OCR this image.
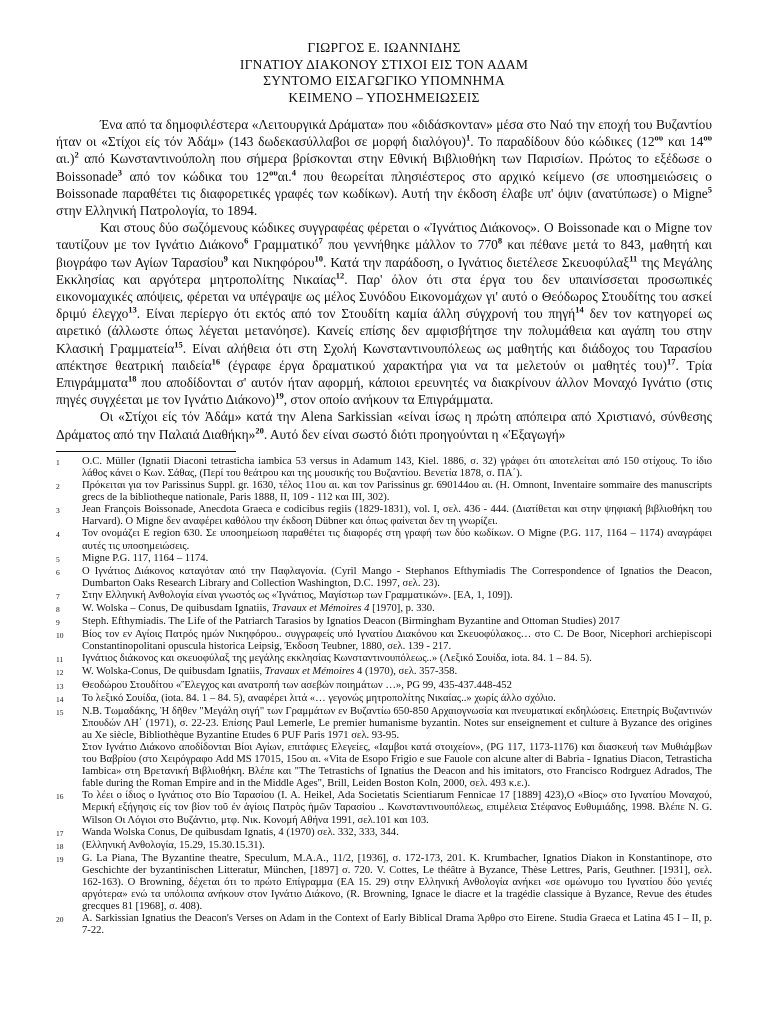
ΓΙΩΡΓΟΣ Ε. ΙΩΑΝΝΙΔΗΣ
ΙΓΝΑΤΙΟΥ ΔΙΑΚΟΝΟΥ ΣΤΙΧΟΙ ΕΙΣ ΤΟΝ ΑΔΑΜ
ΣΥΝΤΟΜΟ ΕΙΣΑΓΩΓΙΚΟ ΥΠΟΜΝΗΜΑ
ΚΕΙΜΕΝΟ – ΥΠΟΣΗΜΕΙΩΣΕΙΣ

Ένα από τα δημοφιλέστερα «Λειτουργικά Δράματα» που «διδάσκονταν» μέσα στο Ναό την εποχή του Βυζαντίου ήταν οι «Στίχοι είς τόν Ἀδάμ» (143 δωδεκασύλλαβοι σε μορφή διαλόγου)$^1$. Το παραδίδουν δύο κώδικες ($12^{o\upsilon}$ και $14^{o\upsilon}$ αι.)$^2$ από Κωνσταντινούπολη που σήμερα βρίσκονται στην Εθνική Βιβλιοθήκη των Παρισίων. Πρώτος το εξέδωσε ο Boissonade$^3$ από τον κώδικα του $12^{o\upsilon}\alpha\iota.^4$ που θεωρείται πλησιέστερος στο αρχικό κείμενο (σε υποσημειώσεις ο Boissonade παραθέτει τις διαφορετικές γραφές των κωδίκων). Αυτή την έκδοση έλαβε υπ' όψιν (ανατύπωσε) ο Migne$^5$ στην Ελληνική Πατρολογία, το 1894.

Και στους δύο σωζόμενους κώδικες συγγραφέας φέρεται ο «Ἰγνάτιος Διάκονος». Ο Boissonade και ο Migne τον ταυτίζουν με τον Ιγνάτιο Διάκονο$^6$ Γραμματικό$^7$ που γεννήθηκε μάλλον το $770^8$ και πέθανε μετά το 843, μαθητή και βιογράφο των Αγίων Ταρασίου$^9$ και Νικηφόρου$^{10}$. Κατά την παράδοση, ο Ιγνάτιος διετέλεσε Σκευοφύλαξ$^{11}$ της Μεγάλης Εκκλησίας και αργότερα μητροπολίτης Νικαίας$^{12}$. Παρ' όλον ότι στα έργα του δεν υπαινίσσεται προσωπικές εικονομαχικές απόψεις, φέρεται να υπέγραψε ως μέλος Συνόδου Εικονομάχων γι' αυτό ο Θεόδωρος Στουδίτης του ασκεί δριμύ έλεγχο$^{13}$. Είναι περίεργο ότι εκτός από τον Στουδίτη καμία άλλη σύγχρονή του πηγή$^{14}$ δεν τον κατηγορεί ως αιρετικό (άλλωστε όπως λέγεται μετανόησε). Κανείς επίσης δεν αμφισβήτησε την πολυμάθεια και αγάπη του στην Κλασική Γραμματεία$^{15}$. Είναι αλήθεια ότι στη Σχολή Κωνσταντινουπόλεως ως μαθητής και διάδοχος του Ταρασίου απέκτησε θεατρική παιδεία$^{16}$ (έγραφε έργα δραματικού χαρακτήρα για να τα μελετούν οι μαθητές του)$^{17}$. Τρία Επιγράμματα$^{18}$ που αποδίδονται σ' αυτόν ήταν αφορμή, κάποιοι ερευνητές να διακρίνουν άλλον Μοναχό Ιγνάτιο (στις πηγές συγχέεται με τον Ιγνάτιο Διάκονο)$^{19}$, στον οποίο ανήκουν τα Επιγράμματα.

Οι «Στίχοι είς τόν Ἀδάμ» κατά την Alena Sarkissian «είναι ίσως η πρώτη απόπειρα από Χριστιανό, σύνθεσης Δράματος από την Παλαιά Διαθήκη»$^{20}$. Αυτό δεν είναι σωστό διότι προηγούνται η «Ἐξαγωγή»

1	O.C. Müller (Ignatii Diaconi tetrasticha iambica 53 versus in Adamum 143, Kiel. 1886, σ. 32) γράφει ότι αποτελείται από 150 στίχους. Το ίδιο λάθος κάνει ο Κων. Σάθας, (Περί του θεάτρου και της μουσικής του Βυζαντίου. Βενετία 1878, σ. ΠΑ΄).
2	Πρόκειται για τον Parissinus Suppl. gr. 1630, τέλος 11ου αι. και τον Parissinus gr. 690144ου αι. (H. Omnont, Inventaire sommaire des manuscripts grecs de la bibliotheque nationale, Paris 1888, II, 109 - 112 και III, 302).
3	Jean François Boissonade, Anecdota Graeca e codicibus regiis (1829-1831), vol. I, σελ. 436 - 444. (Διατίθεται και στην ψηφιακή βιβλιοθήκη του Harvard). O Migne δεν αναφέρει καθόλου την έκδοση Dübner και όπως φαίνεται δεν τη γνωρίζει.
4	Τον ονομάζει E region 630. Σε υποσημείωση παραθέτει τις διαφορές στη γραφή των δύο κωδίκων. O Migne (P.G. 117, 1164 – 1174) αναγράφει αυτές τις υποσημειώσεις.
5	Migne P.G. 117, 1164 – 1174.
6	Ο Ιγνάτιος Διάκονος καταγόταν από την Παφλαγονία. (Cyril Mango - Stephanos Efthymiadis The Correspondence of Ignatios the Deacon, Dumbarton Oaks Research Library and Collection Washington, D.C. 1997, σελ. 23).
7	Στην Ελληνική Ανθολογία είναι γνωστός ως «Ἰγνάτιος, Μαγίστωρ των Γραμματικών». [ΕΑ, 1, 109]).
8	W. Wolska – Conus, De quibusdam Ignatiis, Travaux et Mémoires 4 [1970], p. 330.
9	Steph. Efthymiadis. The Life of the Patriarch Tarasios by Ignatios Deacon (Birmingham Byzantine and Ottoman Studies) 2017
10	Βίος τον εν Αγίοις Πατρός ημών Νικηφόρου.. συγγραφείς υπό Ιγνατίου Διακόνου και Σκευοφύλακος… στο C. De Boor, Nicephori archiepiscopi Constantinopolitani opuscula historica Leipsig, Έκδοση Teubner, 1880, σελ. 139 - 217.
11	Ιγνάτιος διάκονος και σκευοφύλαξ της μεγάλης εκκλησίας Κωνσταντινουπόλεως..» (Λεξικό Σουίδα, iota. 84. 1 – 84. 5).
12	W. Wolska-Conus, De quibusdam Ignatiis, Travaux et Mémoires 4 (1970), σελ. 357-358.
13	Θεοδώρου Στουδίτου «Ἔλεγχος και ανατροπή των ασεβών ποιημάτων …», PG 99, 435-437.448-452
14	Το λεξικό Σουίδα, (iota. 84. 1 – 84. 5), αναφέρει λιτά «… γεγονώς μητροπολίτης Νικαίας..» χωρίς άλλο σχόλιο.
15	Ν.Β. Τωμαδάκης, Ἡ δῆθεν "Μεγάλη σιγή" των Γραμμάτων εν Βυζαντίω 650-850 Αρχαιογνωσία και πνευματικαί εκδηλώσεις. Επετηρίς Βυζαντινών Σπουδών ΛΗ΄ (1971), σ. 22-23. Επίσης Paul Lemerle, Le premier humanisme byzantin. Notes sur enseignement et culture à Byzance des origines au Xe siècle, Bibliothèque Byzantine Etudes 6 PUF Paris 1971 σελ. 93-95.
Στον Ιγνάτιο Διάκονο αποδίδονται Βίοι Αγίων, επιτάφιες Ελεγείες, «Ιαμβοι κατά στοιχείον», (PG 117, 1173-1176) και διασκευή των Μυθιάμβων του Βαβρίου (στο Χειρόγραφο Add MS 17015, 15ου αι. «Vita de Esopo Frigio e sue Fauole con alcune alter di Babria - Ignatius Diacon, Tetrasticha Iambica» στη Βρετανική Βιβλιοθήκη. Βλέπε και "The Tetrastichs of Ignatius the Deacon and his imitators, στο Francisco Rodrguez Adrados, The fable during the Roman Empire and in the Middle Ages", Brill, Leiden Boston Koln, 2000, σελ. 493 κ.ε.).
16	Το λέει ο ίδιος ο Ιγνάτιος στο Βίο Ταρασίου (I. A. Heikel, Ada Societatis Scientiarum Fennicae 17 [1889] 423),O «Βίος» στο Ιγνατίου Μοναχού, Μερική εξήγησις είς τον βίον τοῦ ἐν ἁγίοις Πατρὸς ἡμῶν Ταρασίου .. Κωνσταντινουπόλεως, επιμέλεια Στέφανος Ευθυμιάδης, 1998. Βλέπε N. G. Wilson Οι Λόγιοι στο Βυζάντιο, μτφ. Νικ. Κονομή Αθήνα 1991, σελ.101 και 103.
17	Wanda Wolska Conus, De quibusdam Ignatis, 4 (1970) σελ. 332, 333, 344.
18	(Ελληνική Ανθολογία, 15.29, 15.30.15.31).
19	G. La Piana, The Byzantine theatre, Speculum, M.A.A., 11/2, [1936], σ. 172-173, 201. K. Krumbacher, Ignatios Diakon in Konstantinope, στο Geschichte der byzantinischen Litteratur, München, [1897] σ. 720. V. Cottes, Le théâtre à Byzance, Thèse Lettres, Paris, Geuthner. [1931], σελ. 162-163). O Browning, δέχεται ότι το πρώτο Επίγραμμα (EA 15. 29) στην Ελληνική Ανθολογία ανήκει «σε ομώνυμο του Ιγνατίου δύο γενιές αργότερα» ενώ τα υπόλοιπα ανήκουν στον Ιγνάτιο Διάκονο, (R. Browning, Ignace le diacre et la tragédie classique à Byzance, Revue des études grecques 81 [1968], σ. 408).
20	A. Sarkissian Ignatius the Deacon's Verses on Adam in the Context of Early Biblical Drama Άρθρο στο Eirene. Studia Graeca et Latina 45 I – II, p. 7-22.
